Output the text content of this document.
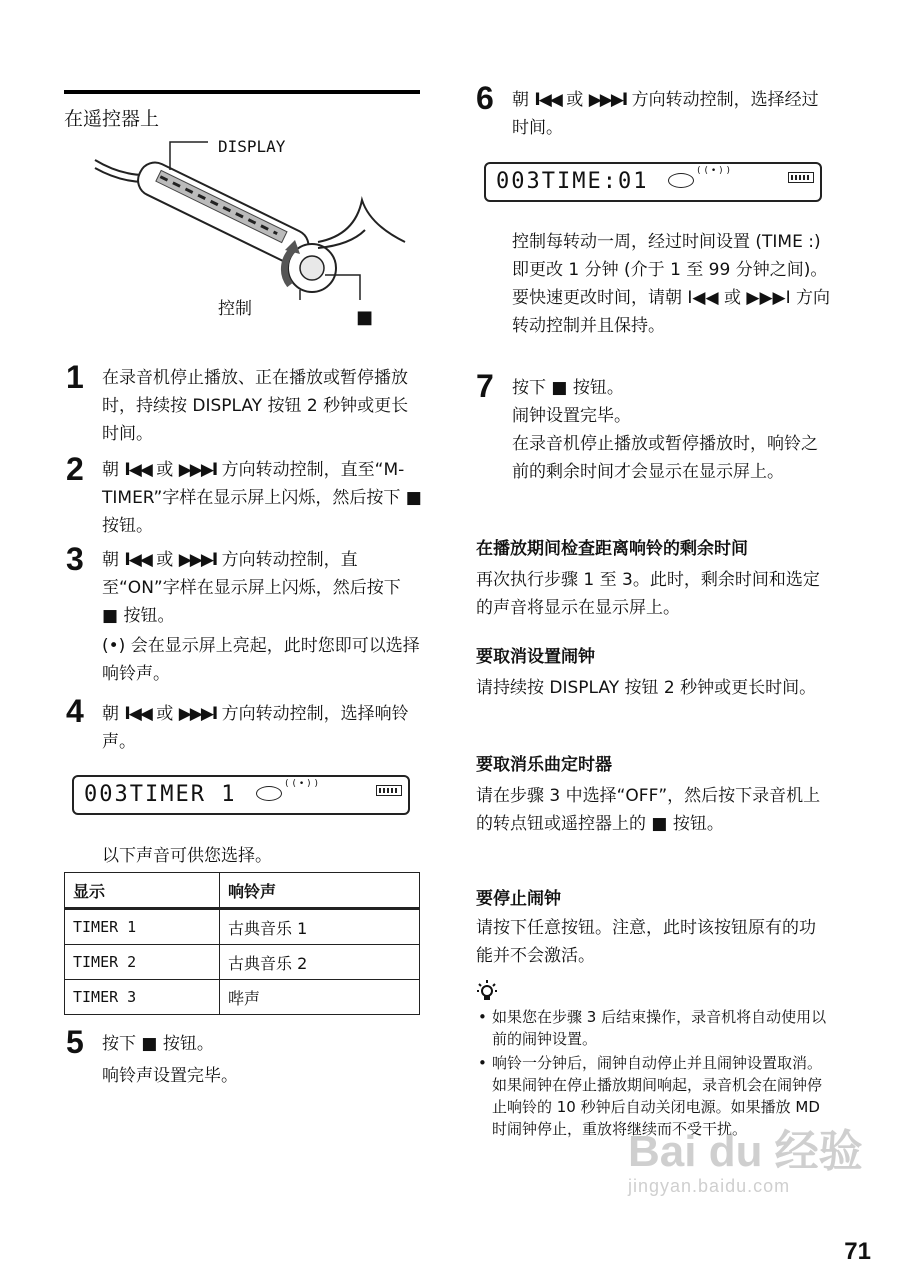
在遥控器上
DISPLAY
控制	■
1 在录音机停止播放、正在播放或暂停播放时，持续按 DISPLAY 按钮 2 秒钟或更长时间。
2 朝 I◀◀ 或 ▶▶▶I 方向转动控制，直至“M-TIMER”字样在显示屏上闪烁，然后按下 ■ 按钮。
3 朝 I◀◀ 或 ▶▶▶I 方向转动控制，直至“ON”字样在显示屏上闪烁，然后按下 ■ 按钮。
(•) 会在显示屏上亮起，此时您即可以选择响铃声。
4 朝 I◀◀ 或 ▶▶▶I 方向转动控制，选择响铃声。
003TIMER 1	((•))
以下声音可供您选择。
显示	响铃声
TIMER 1	古典音乐 1
TIMER 2	古典音乐 2
TIMER 3	哔声
5 按下 ■ 按钮。
响铃声设置完毕。
6 朝 I◀◀ 或 ▶▶▶I 方向转动控制，选择经过时间。
003TIME:01	((•))
控制每转动一周，经过时间设置 (TIME :) 即更改 1 分钟 (介于 1 至 99 分钟之间)。要快速更改时间，请朝 I◀◀ 或 ▶▶▶I 方向转动控制并且保持。
7 按下 ■ 按钮。
闹钟设置完毕。
在录音机停止播放或暂停播放时，响铃之前的剩余时间才会显示在显示屏上。
在播放期间检查距离响铃的剩余时间
再次执行步骤 1 至 3。此时，剩余时间和选定的声音将显示在显示屏上。
要取消设置闹钟
请持续按 DISPLAY 按钮 2 秒钟或更长时间。
要取消乐曲定时器
请在步骤 3 中选择“OFF”，然后按下录音机上的转点钮或遥控器上的 ■ 按钮。
要停止闹钟
请按下任意按钮。注意，此时该按钮原有的功能并不会激活。
• 如果您在步骤 3 后结束操作，录音机将自动使用以前的闹钟设置。
• 响铃一分钟后，闹钟自动停止并且闹钟设置取消。如果闹钟在停止播放期间响起，录音机会在闹钟停止响铃的 10 秒钟后自动关闭电源。如果播放 MD 时闹钟停止，重放将继续而不受干扰。
Bai du 经验
jingyan.baidu.com
71
